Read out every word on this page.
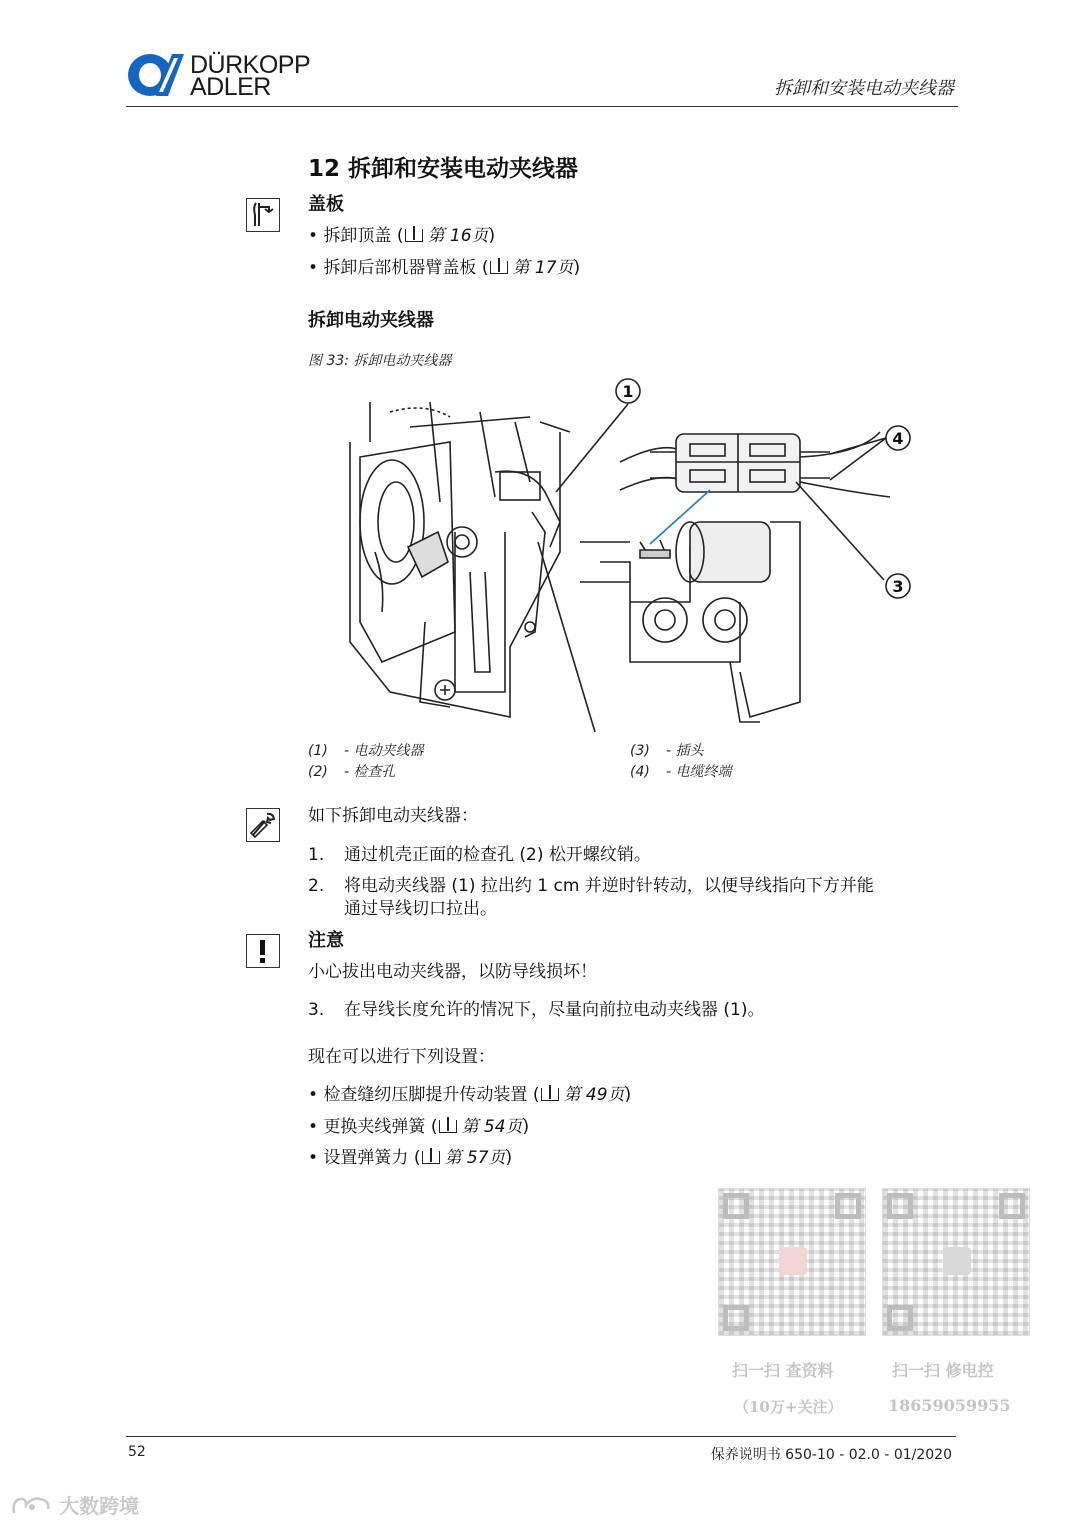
DÜRKOPP
ADLER	拆卸和安装电动夹线器
12 拆卸和安装电动夹线器
盖板
• 拆卸顶盖 ( 第 16页)
• 拆卸后部机器臂盖板 ( 第 17页)
拆卸电动夹线器
图 33: 拆卸电动夹线器
1
4
3
(1) - 电动夹线器
(2) - 检查孔
(3) - 插头
(4) - 电缆终端
如下拆卸电动夹线器：
1. 通过机壳正面的检查孔 (2) 松开螺纹销。
2. 将电动夹线器 (1) 拉出约 1 cm 并逆时针转动，以便导线指向下方并能
通过导线切口拉出。
注意
小心拔出电动夹线器，以防导线损坏！
3. 在导线长度允许的情况下，尽量向前拉电动夹线器 (1)。
现在可以进行下列设置：
• 检查缝纫压脚提升传动装置 ( 第 49页)
• 更换夹线弹簧 ( 第 54页)
• 设置弹簧力 ( 第 57页)
扫一扫 查资料	扫一扫 修电控
（10万+关注）	18659059955
52	保养说明书 650-10 - 02.0 - 01/2020
大数跨境
